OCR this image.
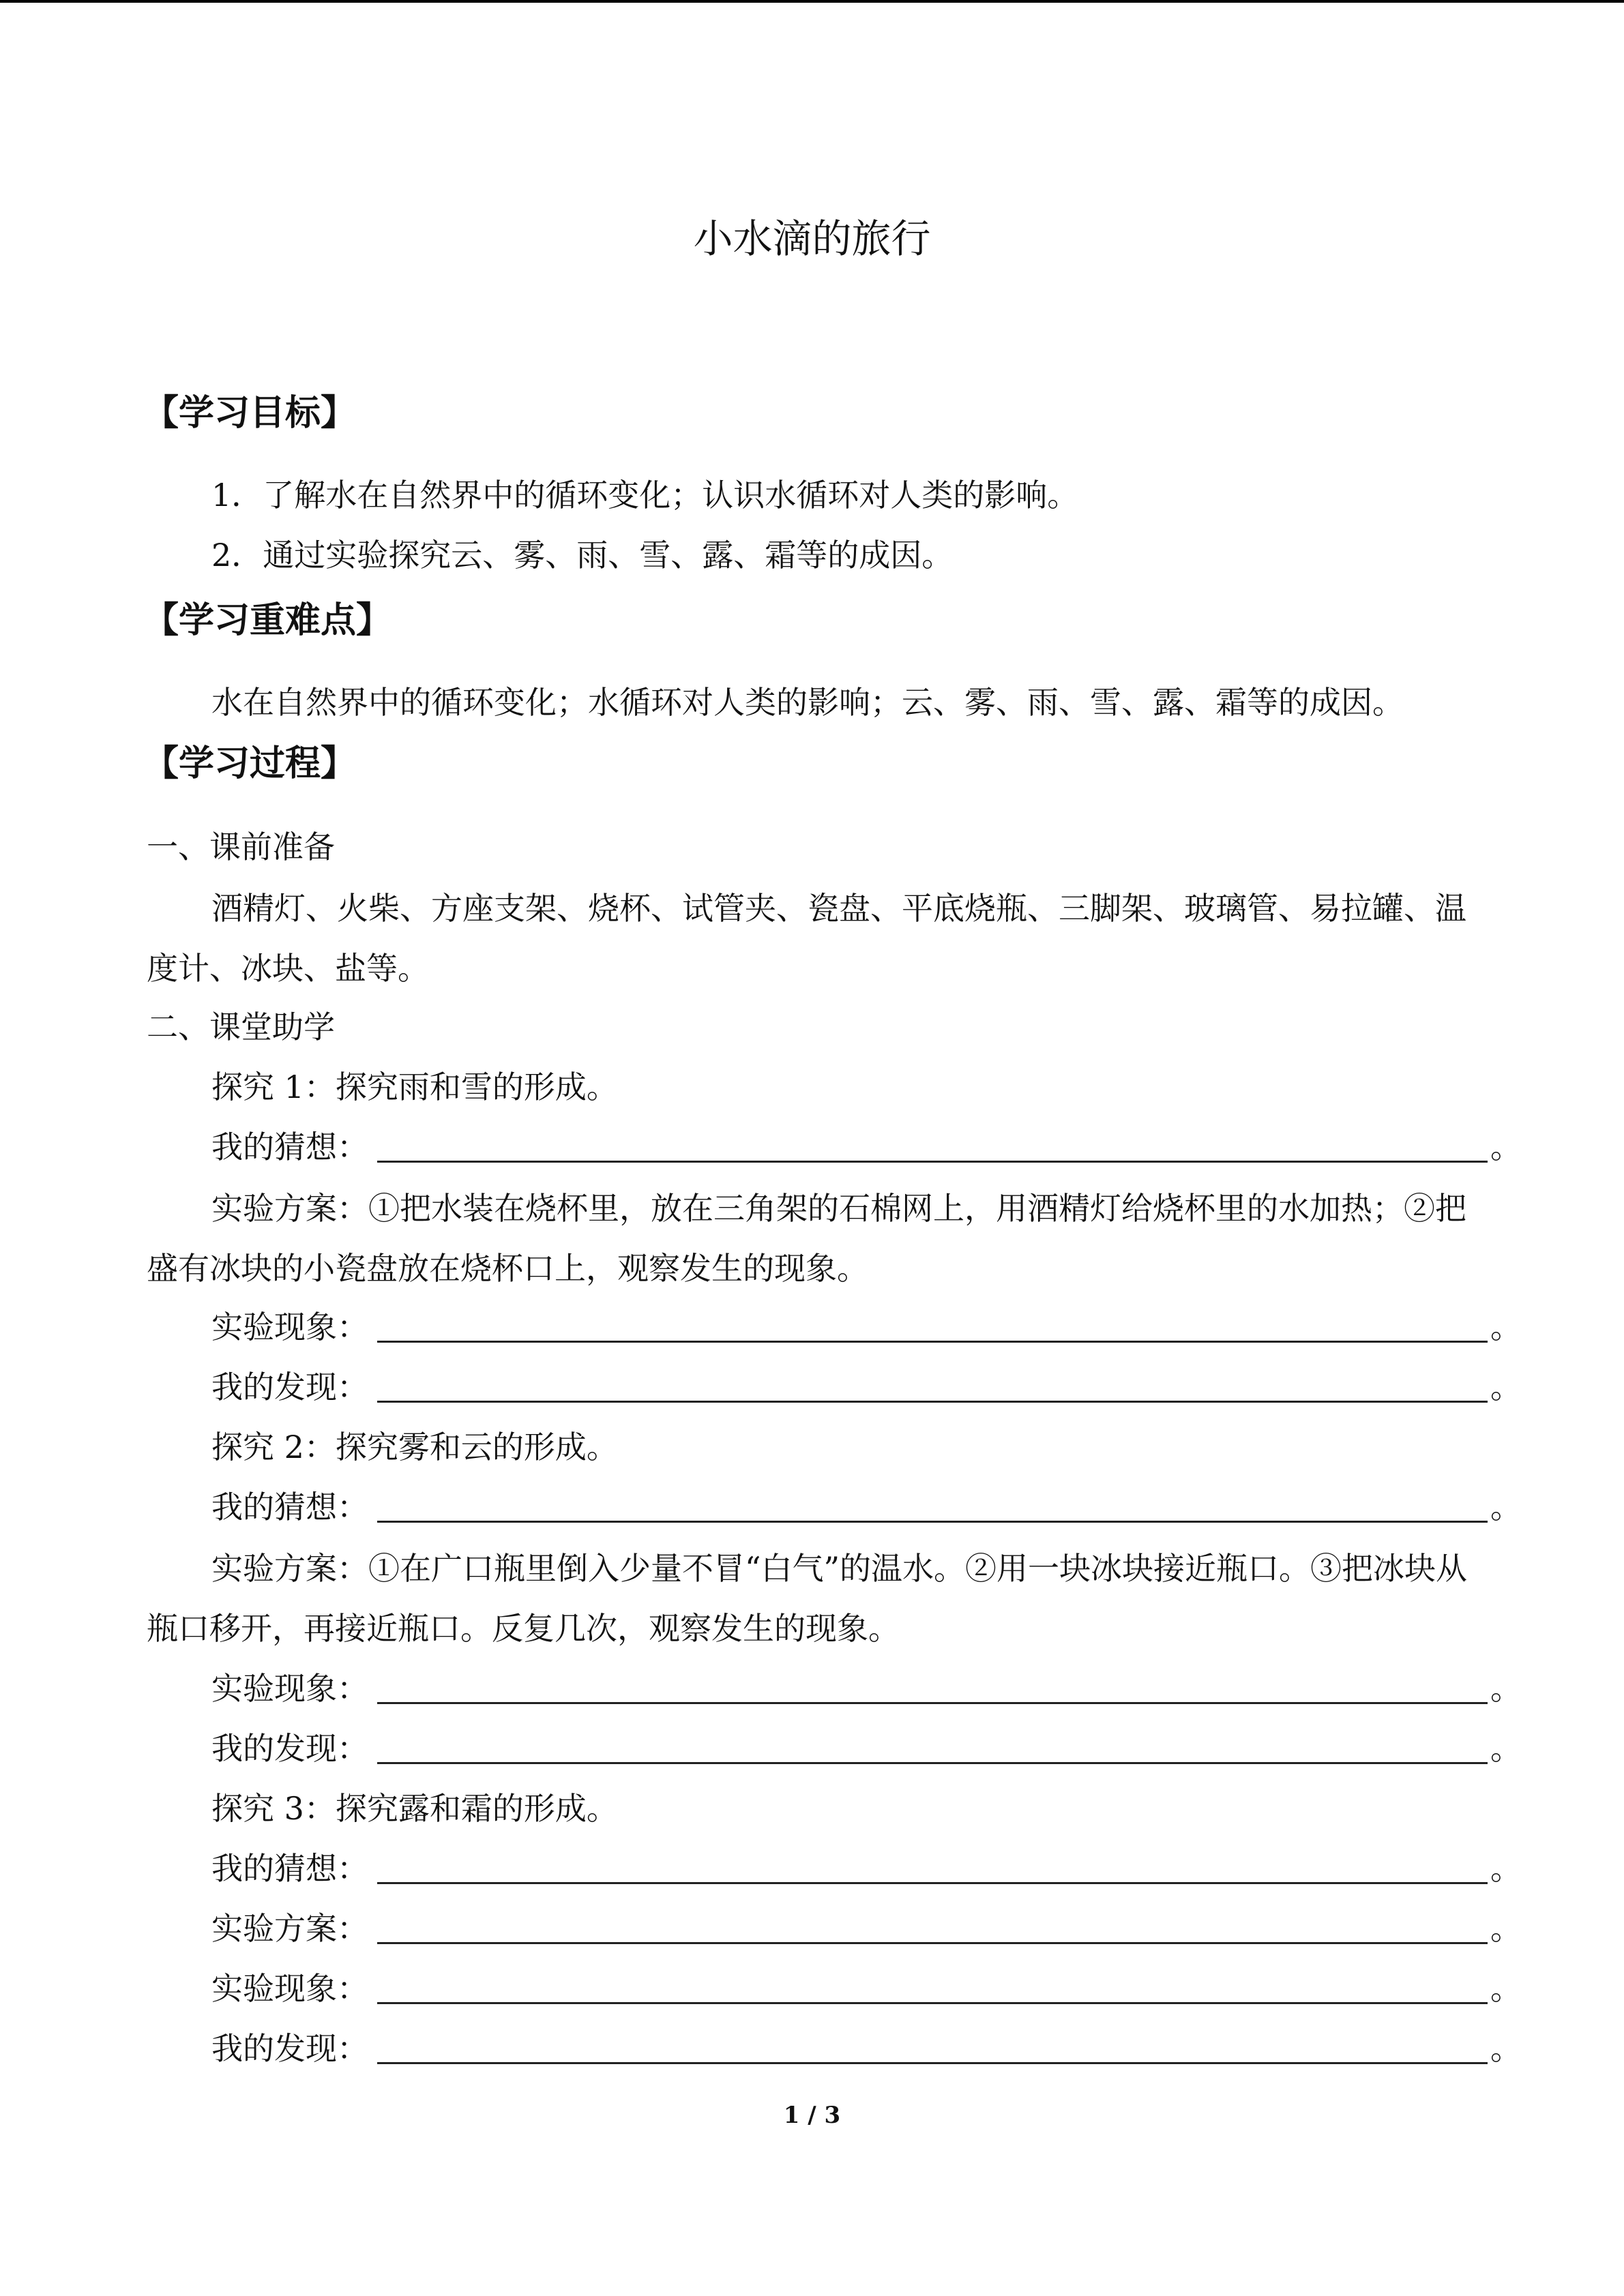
小水滴的旅行
【学习目标】
1．了解水在自然界中的循环变化；认识水循环对人类的影响。
2．通过实验探究云、雾、雨、雪、露、霜等的成因。
【学习重难点】
水在自然界中的循环变化；水循环对人类的影响；云、雾、雨、雪、露、霜等的成因。
【学习过程】
一、课前准备
酒精灯、火柴、方座支架、烧杯、试管夹、瓷盘、平底烧瓶、三脚架、玻璃管、易拉罐、温度计、冰块、盐等。
二、课堂助学
探究 1：探究雨和雪的形成。
我的猜想：	。
实验方案：①把水装在烧杯里，放在三角架的石棉网上，用酒精灯给烧杯里的水加热；②把盛有冰块的小瓷盘放在烧杯口上，观察发生的现象。
实验现象：	。
我的发现：	。
探究 2：探究雾和云的形成。
我的猜想：	。
实验方案：①在广口瓶里倒入少量不冒“白气”的温水。②用一块冰块接近瓶口。③把冰块从瓶口移开，再接近瓶口。反复几次，观察发生的现象。
实验现象：	。
我的发现：	。
探究 3：探究露和霜的形成。
我的猜想：	。
实验方案：	。
实验现象：	。
我的发现：	。
1 / 3
